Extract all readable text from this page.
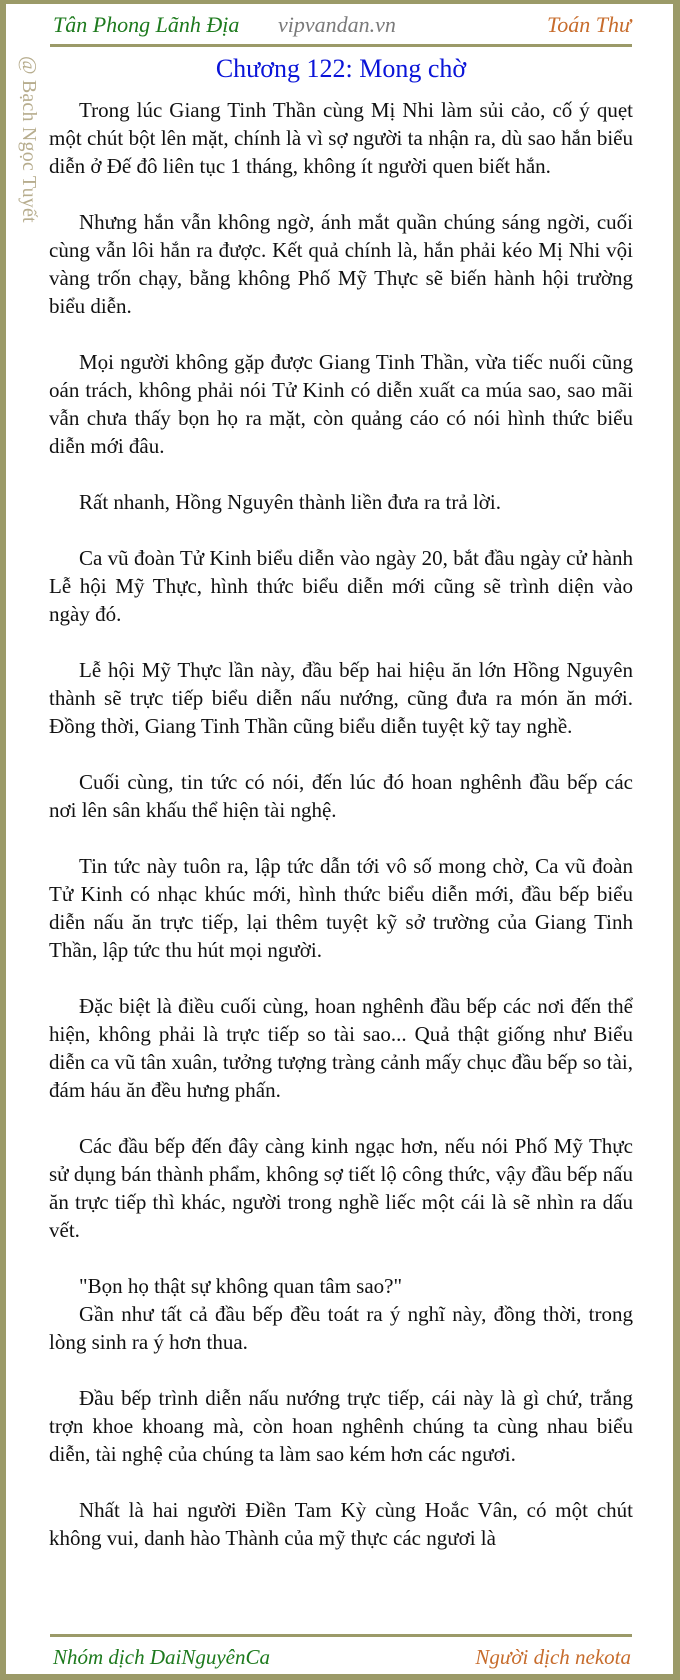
@ Bạch Ngọc Tuyết
Tân Phong Lãnh Địa vipvandan.vn	Toán Thư
Chương 122: Mong chờ

Trong lúc Giang Tinh Thần cùng Mị Nhi làm sủi cảo, cố ý quẹt một chút bột lên mặt, chính là vì sợ người ta nhận ra, dù sao hắn biểu diễn ở Đế đô liên tục 1 tháng, không ít người quen biết hắn.

Nhưng hắn vẫn không ngờ, ánh mắt quần chúng sáng ngời, cuối cùng vẫn lôi hắn ra được. Kết quả chính là, hắn phải kéo Mị Nhi vội vàng trốn chạy, bằng không Phố Mỹ Thực sẽ biến hành hội trường biểu diễn.

Mọi người không gặp được Giang Tinh Thần, vừa tiếc nuối cũng oán trách, không phải nói Tử Kinh có diễn xuất ca múa sao, sao mãi vẫn chưa thấy bọn họ ra mặt, còn quảng cáo có nói hình thức biểu diễn mới đâu.

Rất nhanh, Hồng Nguyên thành liền đưa ra trả lời.

Ca vũ đoàn Tử Kinh biểu diễn vào ngày 20, bắt đầu ngày cử hành Lễ hội Mỹ Thực, hình thức biểu diễn mới cũng sẽ trình diện vào ngày đó.

Lễ hội Mỹ Thực lần này, đầu bếp hai hiệu ăn lớn Hồng Nguyên thành sẽ trực tiếp biểu diễn nấu nướng, cũng đưa ra món ăn mới. Đồng thời, Giang Tinh Thần cũng biểu diễn tuyệt kỹ tay nghề.

Cuối cùng, tin tức có nói, đến lúc đó hoan nghênh đầu bếp các nơi lên sân khấu thể hiện tài nghệ.

Tin tức này tuôn ra, lập tức dẫn tới vô số mong chờ, Ca vũ đoàn Tử Kinh có nhạc khúc mới, hình thức biểu diễn mới, đầu bếp biểu diễn nấu ăn trực tiếp, lại thêm tuyệt kỹ sở trường của Giang Tinh Thần, lập tức thu hút mọi người.

Đặc biệt là điều cuối cùng, hoan nghênh đầu bếp các nơi đến thể hiện, không phải là trực tiếp so tài sao... Quả thật giống như Biểu diễn ca vũ tân xuân, tưởng tượng tràng cảnh mấy chục đầu bếp so tài, đám háu ăn đều hưng phấn.

Các đầu bếp đến đây càng kinh ngạc hơn, nếu nói Phố Mỹ Thực sử dụng bán thành phẩm, không sợ tiết lộ công thức, vậy đầu bếp nấu ăn trực tiếp thì khác, người trong nghề liếc một cái là sẽ nhìn ra dấu vết.

"Bọn họ thật sự không quan tâm sao?"

Gần như tất cả đầu bếp đều toát ra ý nghĩ này, đồng thời, trong lòng sinh ra ý hơn thua.

Đầu bếp trình diễn nấu nướng trực tiếp, cái này là gì chứ, trắng trợn khoe khoang mà, còn hoan nghênh chúng ta cùng nhau biểu diễn, tài nghệ của chúng ta làm sao kém hơn các ngươi.

Nhất là hai người Điền Tam Kỳ cùng Hoắc Vân, có một chút không vui, danh hào Thành của mỹ thực các ngươi là

Nhóm dịch DaiNguyênCa	Người dịch nekota
